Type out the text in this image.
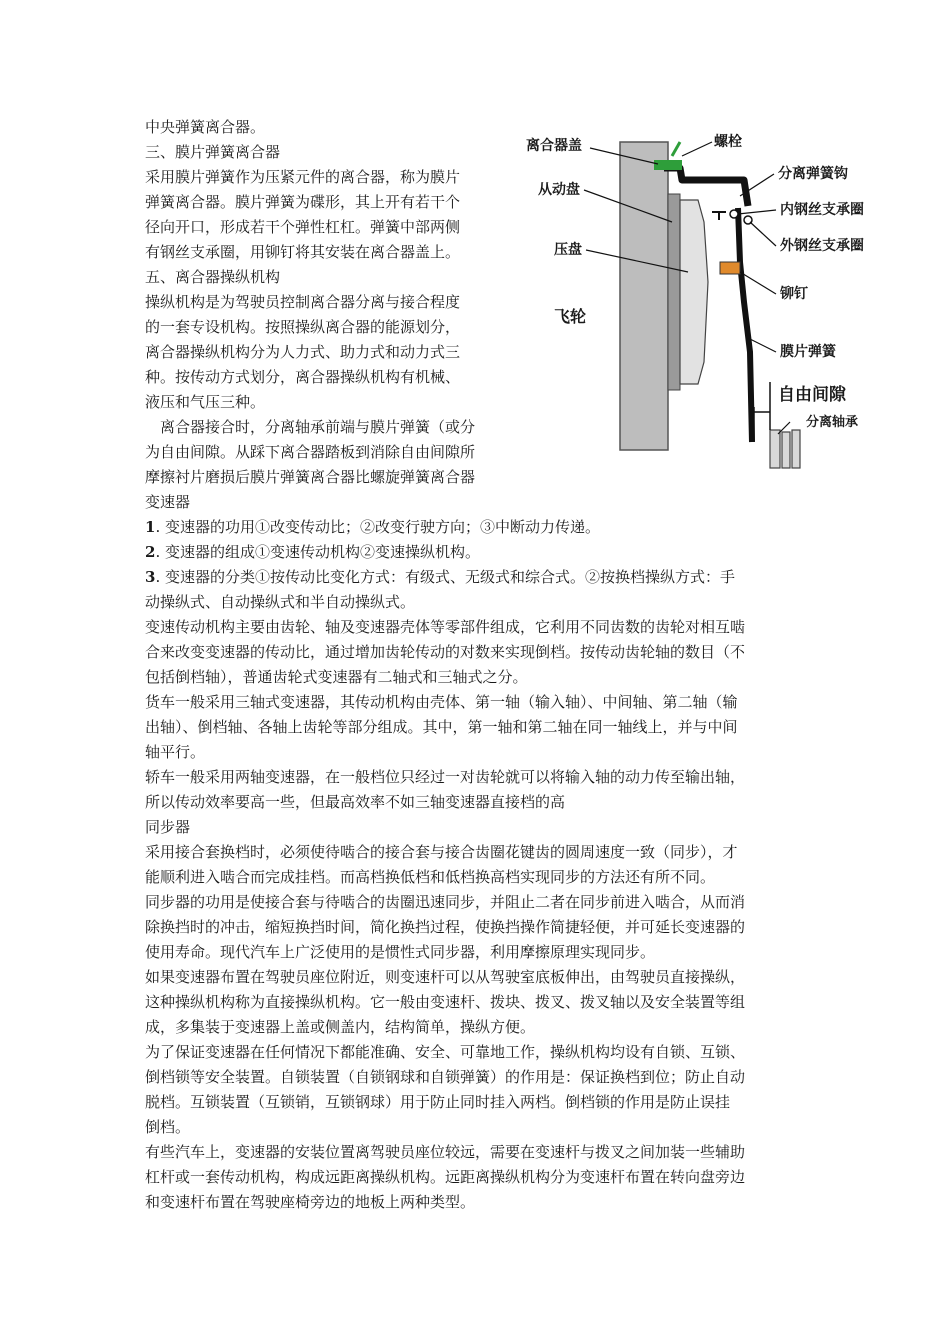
中央弹簧离合器。
三、膜片弹簧离合器
采用膜片弹簧作为压紧元件的离合器，称为膜片
弹簧离合器。膜片弹簧为碟形，其上开有若干个
径向开口，形成若干个弹性杠杠。弹簧中部两侧
有钢丝支承圈，用铆钉将其安装在离合器盖上。
五、离合器操纵机构
操纵机构是为驾驶员控制离合器分离与接合程度
的一套专设机构。按照操纵离合器的能源划分，
离合器操纵机构分为人力式、助力式和动力式三
种。按传动方式划分，离合器操纵机构有机械、
液压和气压三种。
离合器接合时，分离轴承前端与膜片弹簧（或分
为自由间隙。从踩下离合器踏板到消除自由间隙所
摩擦衬片磨损后膜片弹簧离合器比螺旋弹簧离合器
变速器
1. 变速器的功用①改变传动比；②改变行驶方向；③中断动力传递。
2. 变速器的组成①变速传动机构②变速操纵机构。
3. 变速器的分类①按传动比变化方式：有级式、无级式和综合式。②按换档操纵方式：手
动操纵式、自动操纵式和半自动操纵式。
变速传动机构主要由齿轮、轴及变速器壳体等零部件组成，它利用不同齿数的齿轮对相互啮
合来改变变速器的传动比，通过增加齿轮传动的对数来实现倒档。按传动齿轮轴的数目（不
包括倒档轴），普通齿轮式变速器有二轴式和三轴式之分。
货车一般采用三轴式变速器，其传动机构由壳体、第一轴（输入轴）、中间轴、第二轴（输
出轴）、倒档轴、各轴上齿轮等部分组成。其中，第一轴和第二轴在同一轴线上，并与中间
轴平行。
轿车一般采用两轴变速器，在一般档位只经过一对齿轮就可以将输入轴的动力传至输出轴，
所以传动效率要高一些，但最高效率不如三轴变速器直接档的高
同步器
采用接合套换档时，必须使待啮合的接合套与接合齿圈花键齿的圆周速度一致（同步），才
能顺利进入啮合而完成挂档。而高档换低档和低档换高档实现同步的方法还有所不同。
同步器的功用是使接合套与待啮合的齿圈迅速同步，并阻止二者在同步前进入啮合，从而消
除换挡时的冲击，缩短换挡时间，简化换挡过程，使换挡操作简捷轻便，并可延长变速器的
使用寿命。现代汽车上广泛使用的是惯性式同步器，利用摩擦原理实现同步。
如果变速器布置在驾驶员座位附近，则变速杆可以从驾驶室底板伸出，由驾驶员直接操纵，
这种操纵机构称为直接操纵机构。它一般由变速杆、拨块、拨叉、拨叉轴以及安全装置等组
成，多集装于变速器上盖或侧盖内，结构简单，操纵方便。
为了保证变速器在任何情况下都能准确、安全、可靠地工作，操纵机构均设有自锁、互锁、
倒档锁等安全装置。自锁装置（自锁钢球和自锁弹簧）的作用是：保证换档到位；防止自动
脱档。互锁装置（互锁销，互锁钢球）用于防止同时挂入两档。倒档锁的作用是防止误挂
倒档。
有些汽车上，变速器的安装位置离驾驶员座位较远，需要在变速杆与拨叉之间加装一些辅助
杠杆或一套传动机构，构成远距离操纵机构。远距离操纵机构分为变速杆布置在转向盘旁边
和变速杆布置在驾驶座椅旁边的地板上两种类型。
离合器盖	螺栓
分离弹簧钩
从动盘
内钢丝支承圈
压盘	外钢丝支承圈
铆钉
飞轮
膜片弹簧
自由间隙
分离轴承
